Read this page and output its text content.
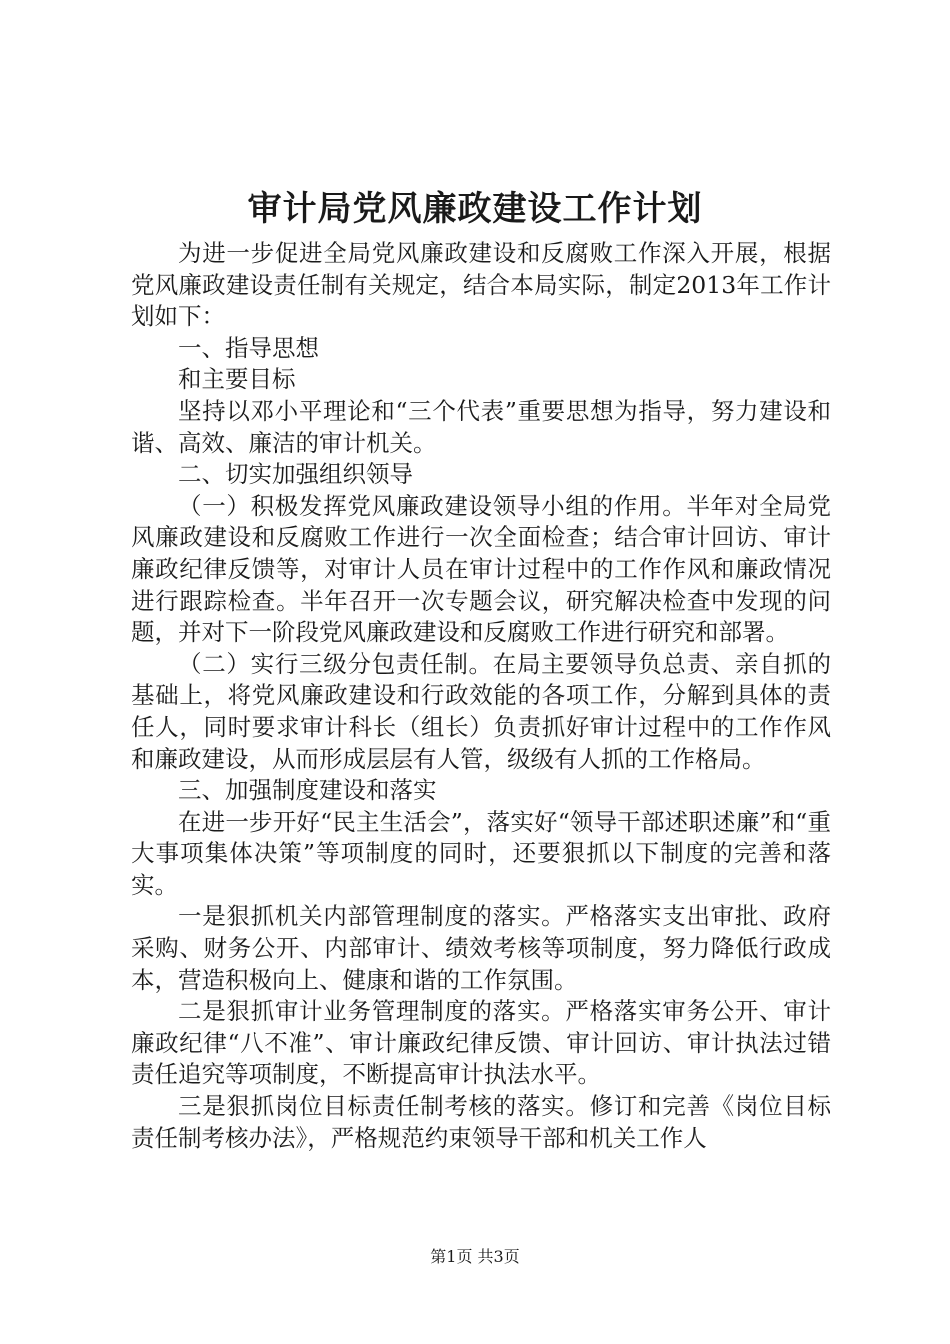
审计局党风廉政建设工作计划

为进一步促进全局党风廉政建设和反腐败工作深入开展，根据党风廉政建设责任制有关规定，结合本局实际，制定2013年工作计划如下：

一、指导思想

和主要目标

坚持以邓小平理论和“三个代表”重要思想为指导，努力建设和谐、高效、廉洁的审计机关。

二、切实加强组织领导

（一）积极发挥党风廉政建设领导小组的作用。半年对全局党风廉政建设和反腐败工作进行一次全面检查；结合审计回访、审计廉政纪律反馈等，对审计人员在审计过程中的工作作风和廉政情况进行跟踪检查。半年召开一次专题会议，研究解决检查中发现的问题，并对下一阶段党风廉政建设和反腐败工作进行研究和部署。

（二）实行三级分包责任制。在局主要领导负总责、亲自抓的基础上，将党风廉政建设和行政效能的各项工作，分解到具体的责任人，同时要求审计科长（组长）负责抓好审计过程中的工作作风和廉政建设，从而形成层层有人管，级级有人抓的工作格局。

三、加强制度建设和落实

在进一步开好“民主生活会”，落实好“领导干部述职述廉”和“重大事项集体决策”等项制度的同时，还要狠抓以下制度的完善和落实。

一是狠抓机关内部管理制度的落实。严格落实支出审批、政府采购、财务公开、内部审计、绩效考核等项制度，努力降低行政成本，营造积极向上、健康和谐的工作氛围。

二是狠抓审计业务管理制度的落实。严格落实审务公开、审计廉政纪律“八不准”、审计廉政纪律反馈、审计回访、审计执法过错责任追究等项制度，不断提高审计执法水平。

三是狠抓岗位目标责任制考核的落实。修订和完善《岗位目标责任制考核办法》，严格规范约束领导干部和机关工作人

第1页 共3页
